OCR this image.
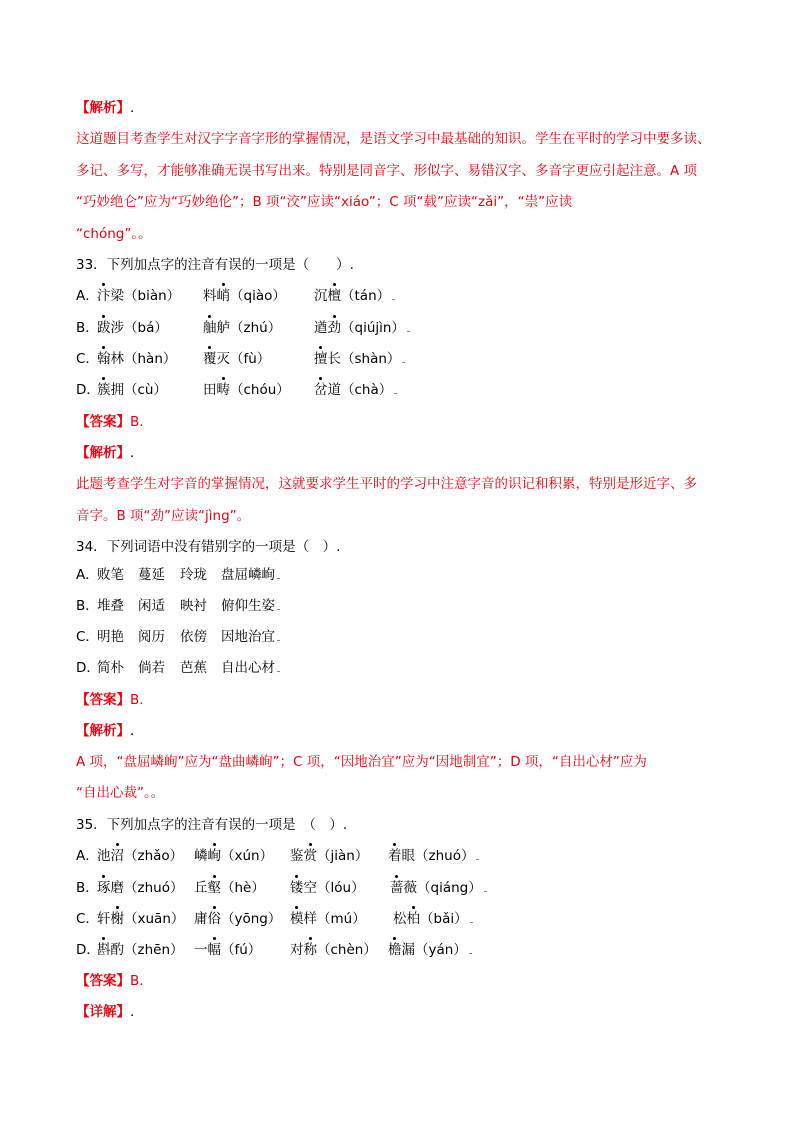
【解析】.
这道题目考查学生对汉字字音字形的掌握情况，是语文学习中最基础的知识。学生在平时的学习中要多读、
多记、多写，才能够准确无误书写出来。特别是同音字、形似字、易错汉字、多音字更应引起注意。A 项
“巧妙绝仑”应为“巧妙绝伦”；B 项“洨”应读“xiáo”；C 项“载”应读“zǎi”，“祟”应读
“chóng”。。
33．下列加点字的注音有误的一项是（　　）.
A．
汴梁（biàn） 料峭（qiào） 沉檀（tán）
B．
跋涉（bá）	舳舻（zhú） 遒劲（qiújìn）
C．
翰林（hàn） 覆灭（fù）	擅长（shàn）
D．
簇拥（cù）	田畴（chóu） 岔道（chà）
【答案】B.
【解析】.
此题考查学生对字音的掌握情况，这就要求学生平时的学习中注意字音的识记和积累，特别是形近字、多
音字。B 项“劲”应读“jìng”。
34．下列词语中没有错别字的一项是（　）.
A．
败笔 蔓延 玲珑 盘屈嶙峋
B．
堆叠 闲适 映衬 俯仰生姿
C．
明艳 阅历 依傍 因地治宜
D．
简朴 倘若 芭蕉 自出心材
【答案】B.
【解析】.
A 项，“盘屈嶙峋”应为“盘曲嶙峋”；C 项，“因地治宜”应为“因地制宜”；D 项，“自出心材”应为
“自出心裁”。。
35．下列加点字的注音有误的一项是　（　）.
A．
池沼（zhǎo） 嶙峋（xún） 鉴赏（jiàn） 着眼（zhuó）
B．
琢磨（zhuó） 丘壑（hè） 镂空（lóu） 蔷薇（qiáng）
C．
轩榭（xuān） 庸俗（yōng） 模样（mú） 松柏（bǎi）
D．
斟酌（zhēn） 一幅（fú） 对称（chèn） 檐漏（yán）
【答案】B.
【详解】.
